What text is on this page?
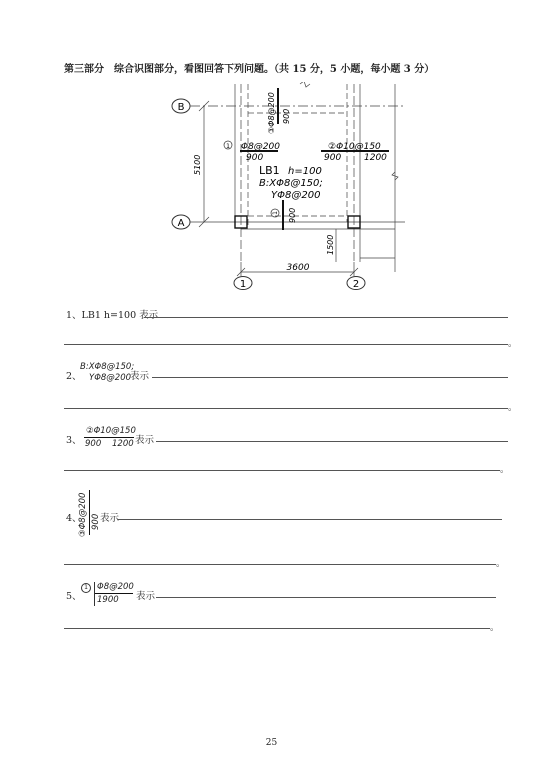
第三部分　综合识图部分，看图回答下列问题。（共 15 分，5 小题，每小题 3 分）
B
A
5100
③Φ8@200 900
1 Φ8@200
900
②Φ10@150
900	1200
LB1 h=100
B:XΦ8@150;
YΦ8@200
1 900
1500
3600
1	2
1、LB1 h=100 表示
。
2、
B:XΦ8@150;
YΦ8@200
表示
。
3、
②Φ10@150
900 1200 表示
。
4、
③Φ8@200 900 表示
。
5、
1	Φ8@200
1900 表示
。
25
